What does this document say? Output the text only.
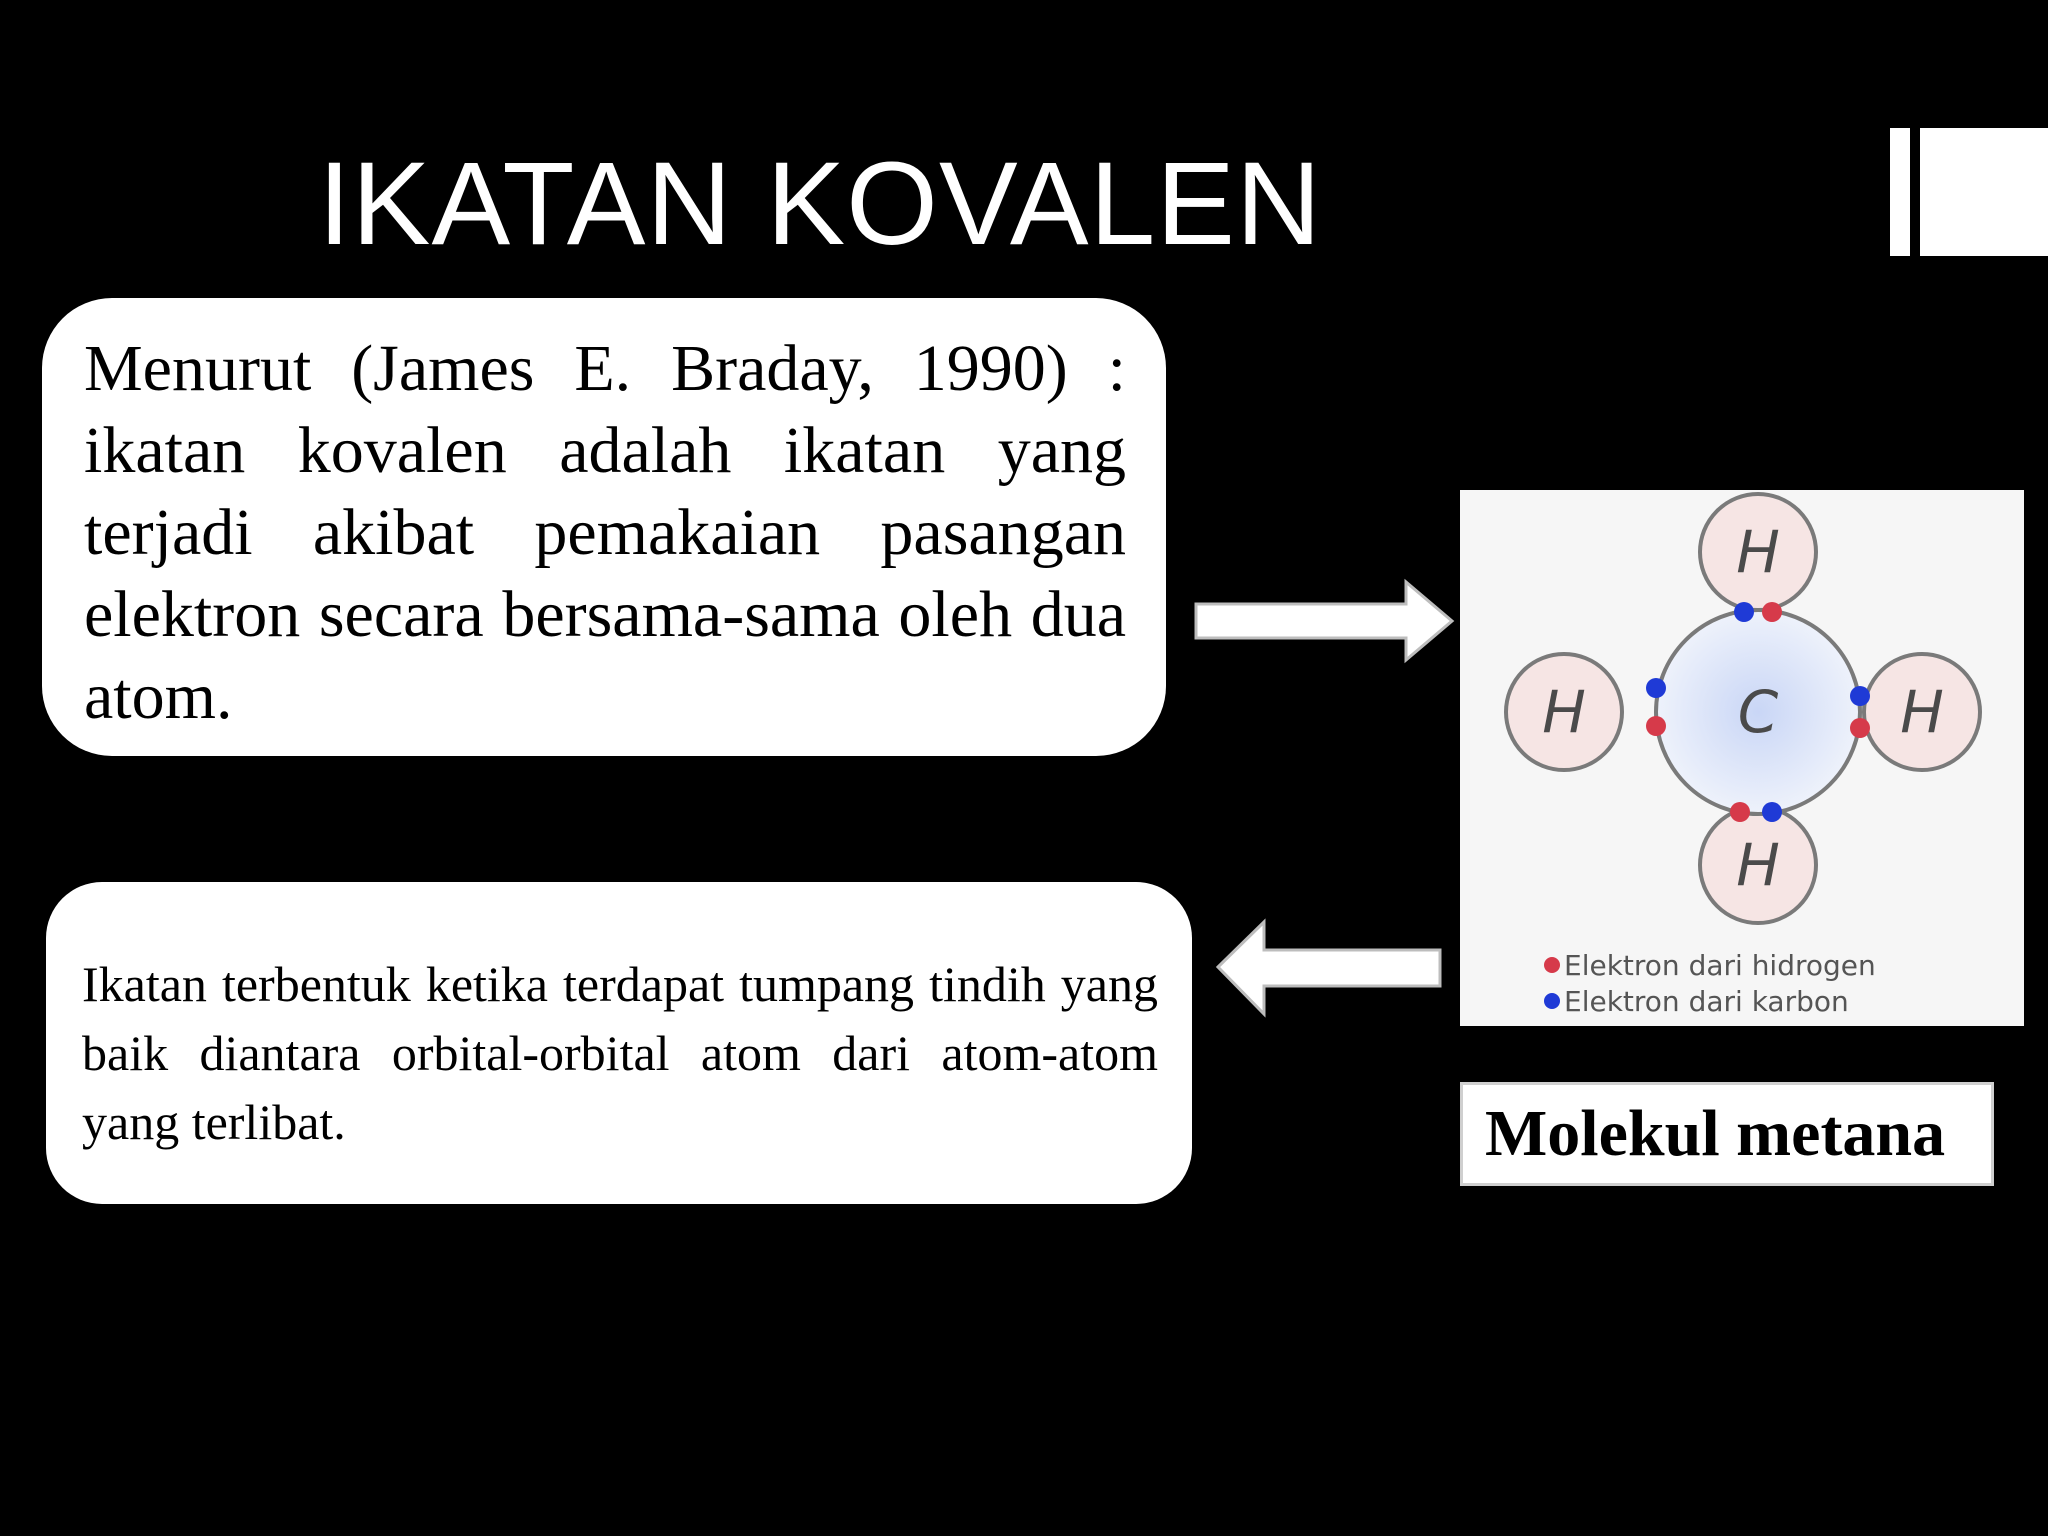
IKATAN KOVALEN
Menurut (James E. Braday, 1990) : ikatan kovalen adalah ikatan yang terjadi akibat pemakaian pasangan elektron secara bersama-sama oleh dua atom.
Ikatan terbentuk ketika terdapat tumpang tindih yang baik diantara orbital-orbital atom dari atom-atom yang terlibat.
H
H	H
H
C
Elektron dari hidrogen
Elektron dari karbon
Molekul metana
